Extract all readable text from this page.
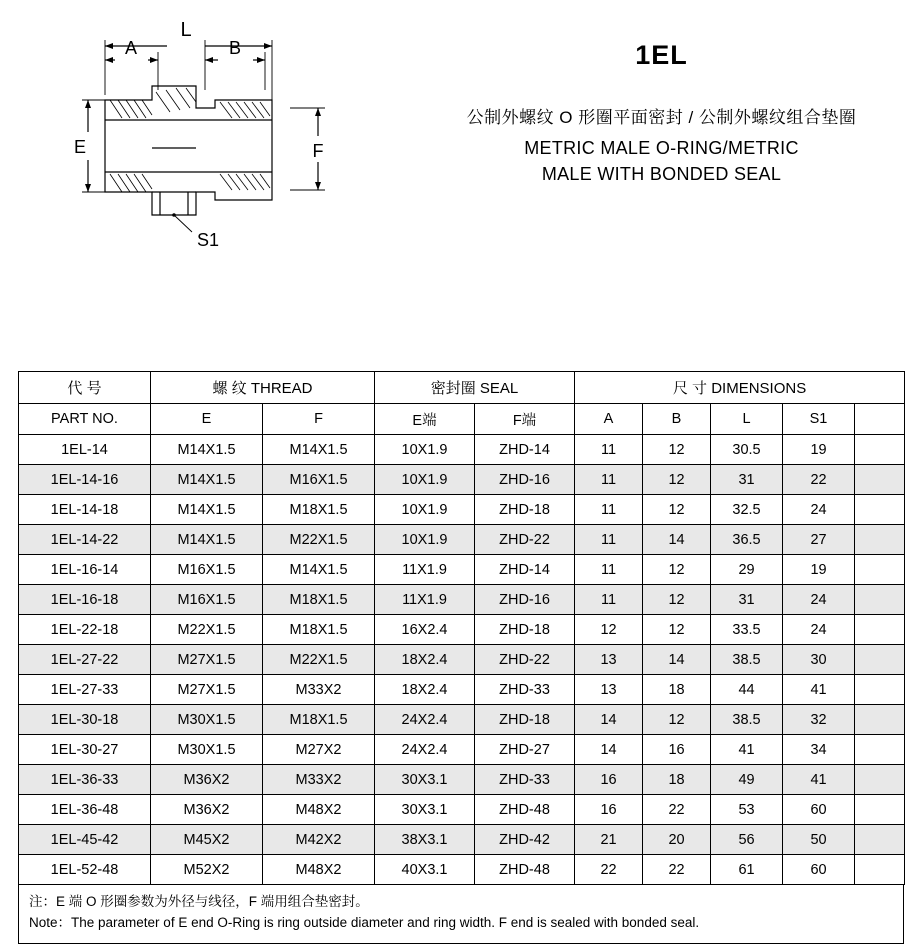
L
A	B
E	F
S1
1EL
公制外螺纹 O 形圈平面密封 / 公制外螺纹组合垫圈
METRIC MALE O-RING/METRIC
MALE WITH BONDED SEAL
代 号	螺 纹 THREAD		密封圈 SEAL		尺 寸 DIMENSIONS				
PART NO.	E	F	E端	F端	A	B	L	S1	
1EL-14	M14X1.5	M14X1.5	10X1.9	ZHD-14	11	12	30.5	19	
1EL-14-16	M14X1.5	M16X1.5	10X1.9	ZHD-16	11	12	31	22	
1EL-14-18	M14X1.5	M18X1.5	10X1.9	ZHD-18	11	12	32.5	24	
1EL-14-22	M14X1.5	M22X1.5	10X1.9	ZHD-22	11	14	36.5	27	
1EL-16-14	M16X1.5	M14X1.5	11X1.9	ZHD-14	11	12	29	19	
1EL-16-18	M16X1.5	M18X1.5	11X1.9	ZHD-16	11	12	31	24	
1EL-22-18	M22X1.5	M18X1.5	16X2.4	ZHD-18	12	12	33.5	24	
1EL-27-22	M27X1.5	M22X1.5	18X2.4	ZHD-22	13	14	38.5	30	
1EL-27-33	M27X1.5	M33X2	18X2.4	ZHD-33	13	18	44	41	
1EL-30-18	M30X1.5	M18X1.5	24X2.4	ZHD-18	14	12	38.5	32	
1EL-30-27	M30X1.5	M27X2	24X2.4	ZHD-27	14	16	41	34	
1EL-36-33	M36X2	M33X2	30X3.1	ZHD-33	16	18	49	41	
1EL-36-48	M36X2	M48X2	30X3.1	ZHD-48	16	22	53	60	
1EL-45-42	M45X2	M42X2	38X3.1	ZHD-42	21	20	56	50	
1EL-52-48	M52X2	M48X2	40X3.1	ZHD-48	22	22	61	60	
注：E 端 O 形圈参数为外径与线径，F 端用组合垫密封。
Note：The parameter of E end O-Ring is ring outside diameter and ring width. F end is sealed with bonded seal.
